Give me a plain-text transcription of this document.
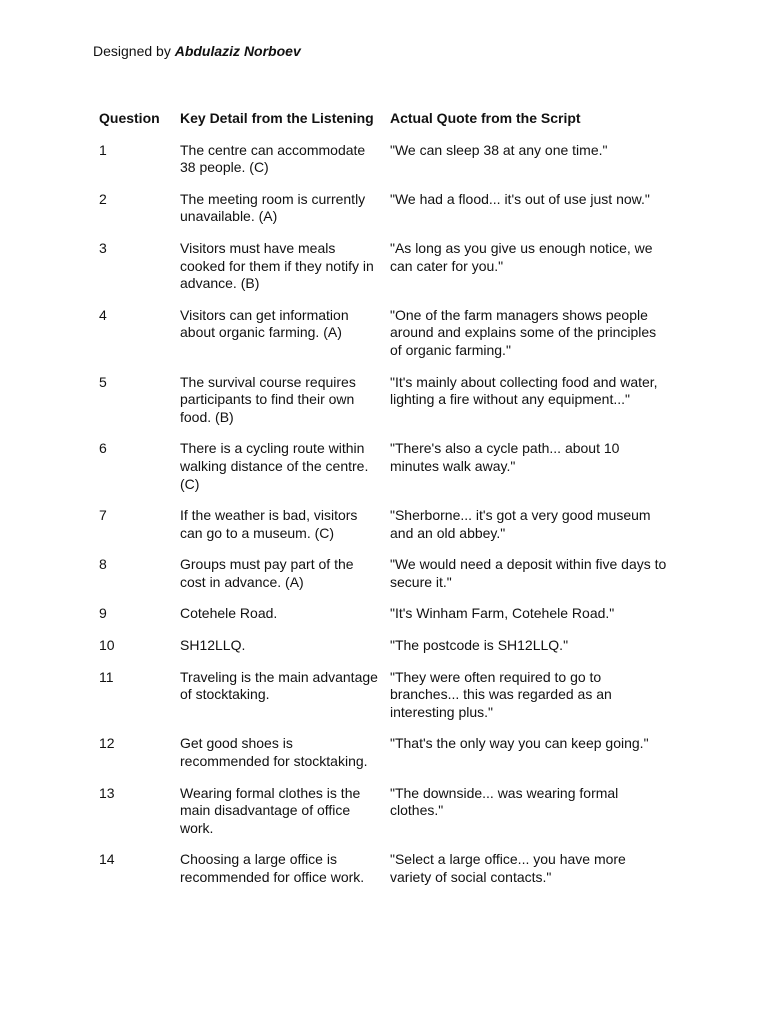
Designed by Abdulaziz Norboev
Question	Key Detail from the Listening	Actual Quote from the Script
1	The centre can accommodate 38 people. (C)	"We can sleep 38 at any one time."
2	The meeting room is currently unavailable. (A)	"We had a flood... it's out of use just now."
3	Visitors must have meals cooked for them if they notify in advance. (B)	"As long as you give us enough notice, we can cater for you."
4	Visitors can get information about organic farming. (A)	"One of the farm managers shows people around and explains some of the principles of organic farming."
5	The survival course requires participants to find their own food. (B)	"It's mainly about collecting food and water, lighting a fire without any equipment..."
6	There is a cycling route within walking distance of the centre. (C)	"There's also a cycle path... about 10 minutes walk away."
7	If the weather is bad, visitors can go to a museum. (C)	"Sherborne... it's got a very good museum and an old abbey."
8	Groups must pay part of the cost in advance. (A)	"We would need a deposit within five days to secure it."
9	Cotehele Road.	"It's Winham Farm, Cotehele Road."
10	SH12LLQ.	"The postcode is SH12LLQ."
11	Traveling is the main advantage of stocktaking.	"They were often required to go to branches... this was regarded as an interesting plus."
12	Get good shoes is recommended for stocktaking.	"That's the only way you can keep going."
13	Wearing formal clothes is the main disadvantage of office work.	"The downside... was wearing formal clothes."
14	Choosing a large office is recommended for office work.	"Select a large office... you have more variety of social contacts."
